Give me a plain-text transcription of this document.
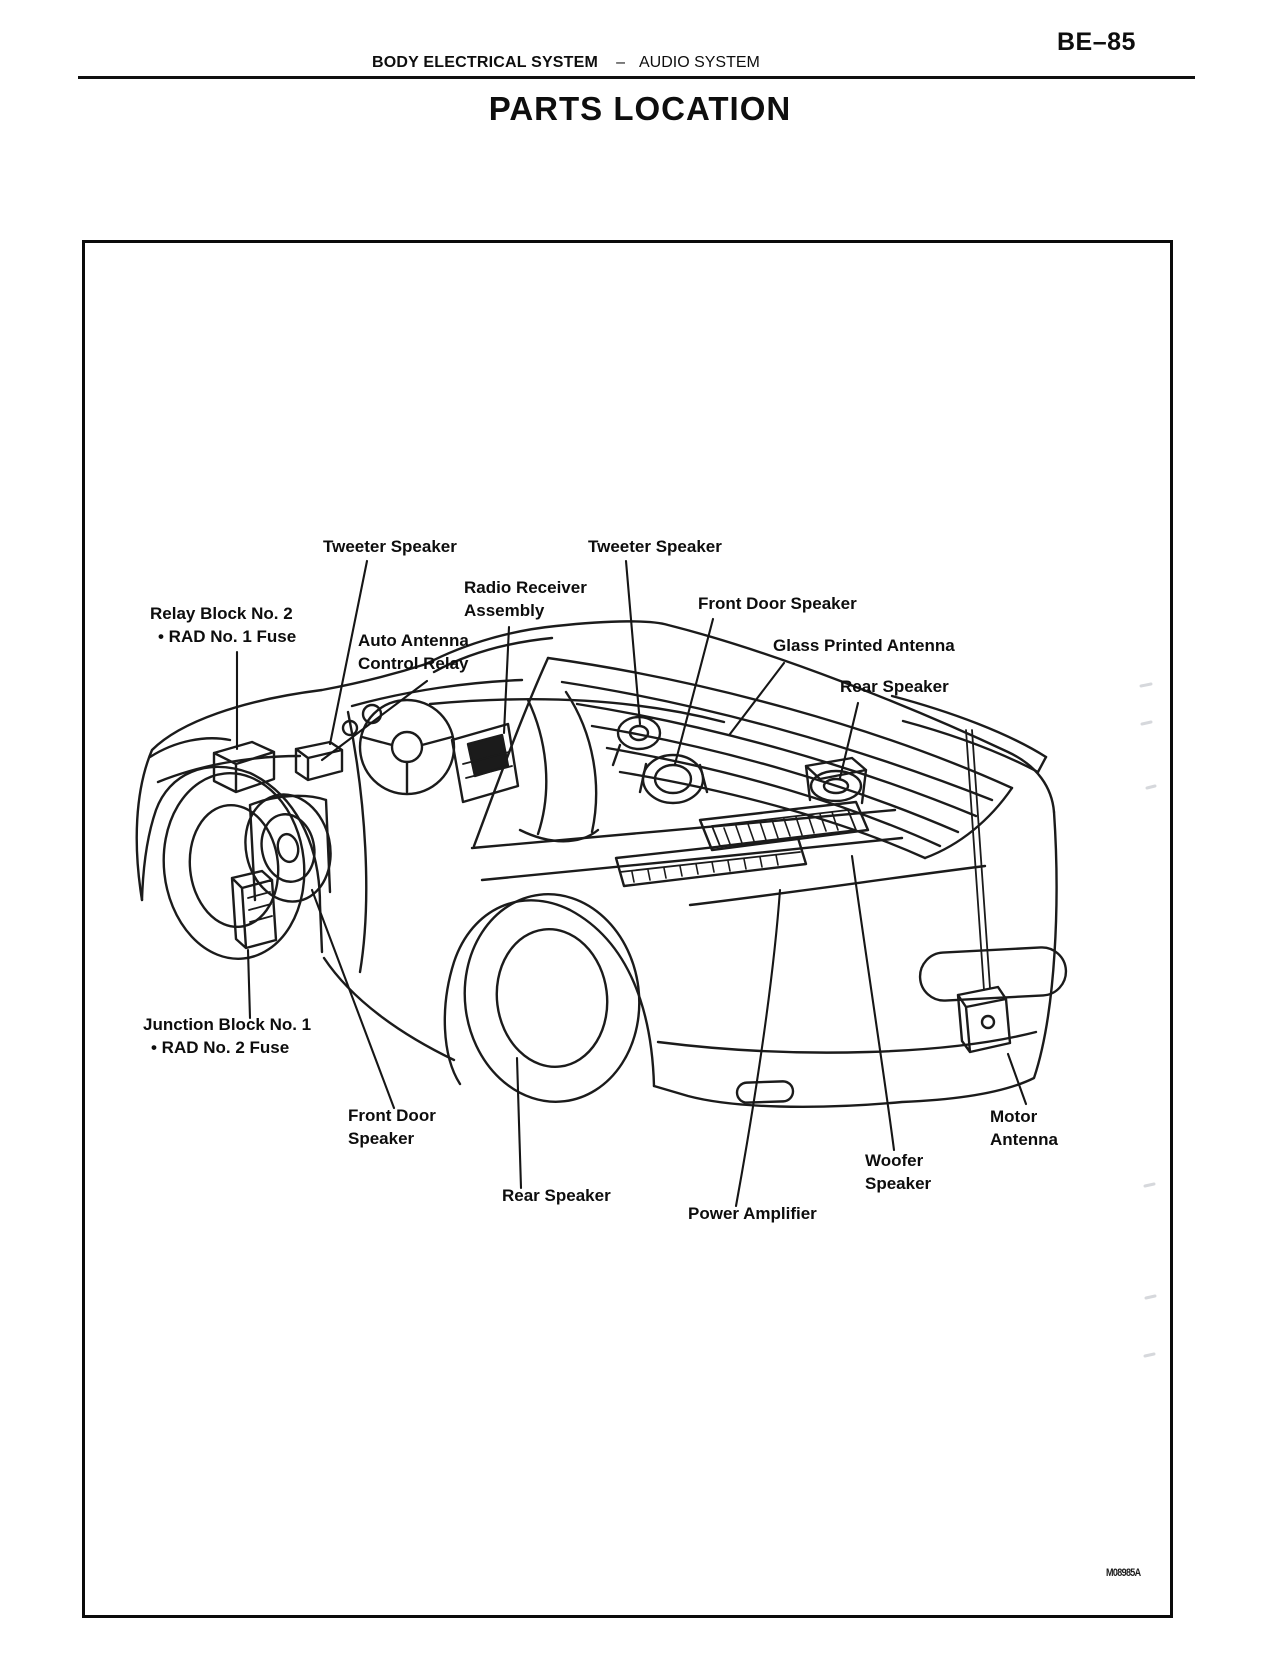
BE–85
BODY ELECTRICAL SYSTEM – AUDIO SYSTEM
PARTS LOCATION
Tweeter Speaker
Radio Receiver
Assembly
Relay Block No. 2
• RAD No. 1 Fuse	Auto Antenna
Control Relay
Tweeter Speaker
Front Door Speaker
Glass Printed Antenna
Rear Speaker
Junction Block No. 1
• RAD No. 2 Fuse
Front Door
Speaker
Rear Speaker
Power Amplifier
Woofer
Speaker
Motor
Antenna
M08985A
